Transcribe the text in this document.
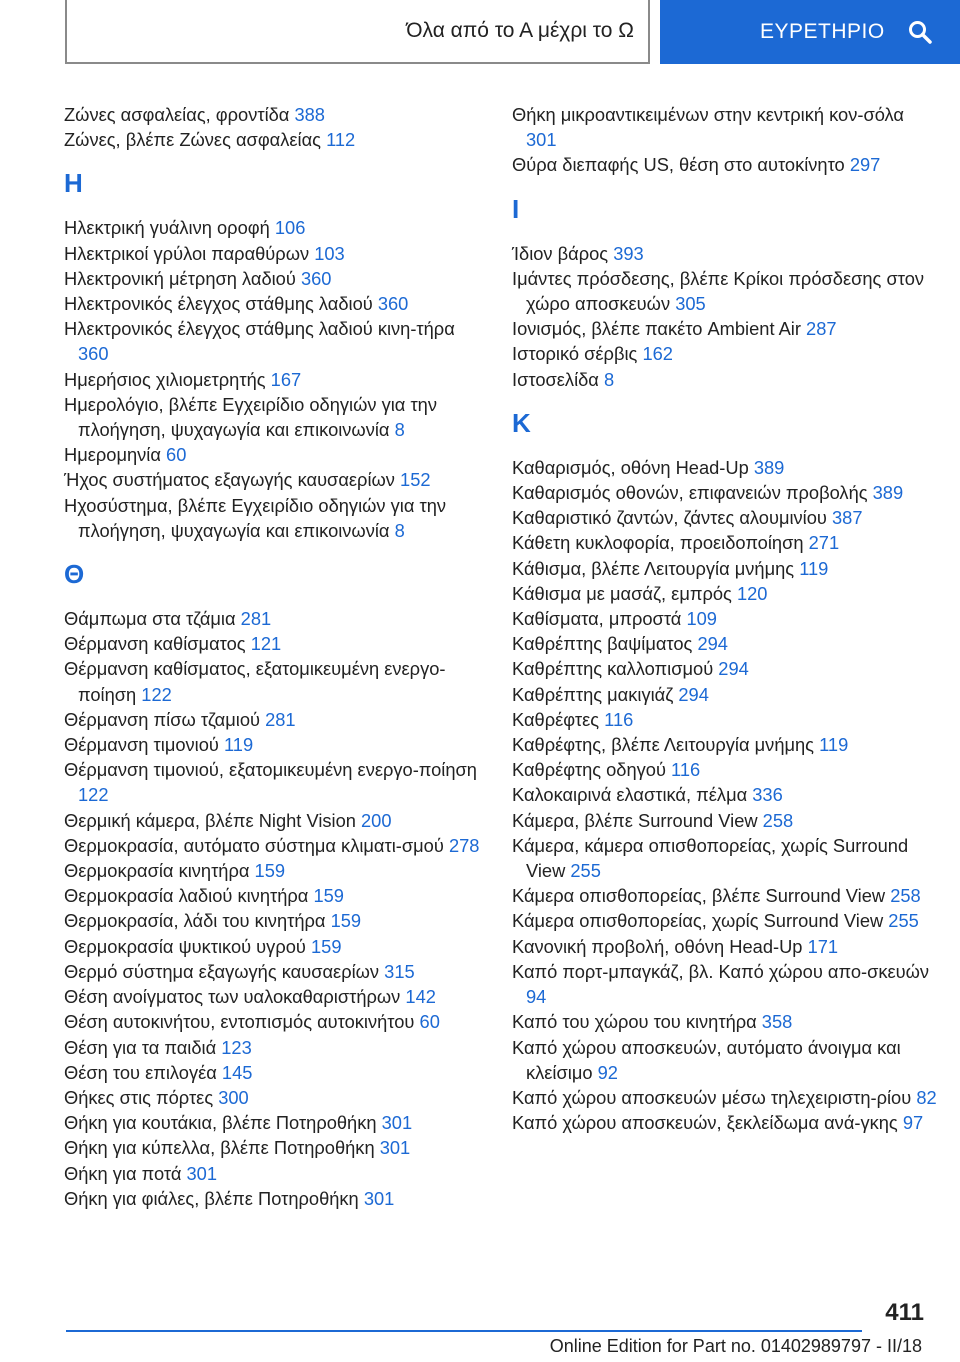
Όλα από το Α μέχρι το Ω	ΕΥΡΕΤΗΡΙΟ
Ζώνες ασφαλείας, φροντίδα 388
Ζώνες, βλέπε Ζώνες ασφαλείας 112
Η
Ηλεκτρική γυάλινη οροφή 106
Ηλεκτρικοί γρύλοι παραθύρων 103
Ηλεκτρονική μέτρηση λαδιού 360
Ηλεκτρονικός έλεγχος στάθμης λαδιού 360
Ηλεκτρονικός έλεγχος στάθμης λαδιού κινη-τήρα 360
Ημερήσιος χιλιομετρητής 167
Ημερολόγιο, βλέπε Εγχειρίδιο οδηγιών για την πλοήγηση, ψυχαγωγία και επικοινωνία 8
Ημερομηνία 60
Ήχος συστήματος εξαγωγής καυσαερίων 152
Ηχοσύστημα, βλέπε Εγχειρίδιο οδηγιών για την πλοήγηση, ψυχαγωγία και επικοινωνία 8
Θ
Θάμπωμα στα τζάμια 281
Θέρμανση καθίσματος 121
Θέρμανση καθίσματος, εξατομικευμένη ενεργο-ποίηση 122
Θέρμανση πίσω τζαμιού 281
Θέρμανση τιμονιού 119
Θέρμανση τιμονιού, εξατομικευμένη ενεργο-ποίηση 122
Θερμική κάμερα, βλέπε Night Vision 200
Θερμοκρασία, αυτόματο σύστημα κλιματι-σμού 278
Θερμοκρασία κινητήρα 159
Θερμοκρασία λαδιού κινητήρα 159
Θερμοκρασία, λάδι του κινητήρα 159
Θερμοκρασία ψυκτικού υγρού 159
Θερμό σύστημα εξαγωγής καυσαερίων 315
Θέση ανοίγματος των υαλοκαθαριστήρων 142
Θέση αυτοκινήτου, εντοπισμός αυτοκινήτου 60
Θέση για τα παιδιά 123
Θέση του επιλογέα 145
Θήκες στις πόρτες 300
Θήκη για κουτάκια, βλέπε Ποτηροθήκη 301
Θήκη για κύπελλα, βλέπε Ποτηροθήκη 301
Θήκη για ποτά 301
Θήκη για φιάλες, βλέπε Ποτηροθήκη 301
Θήκη μικροαντικειμένων στην κεντρική κον-σόλα 301
Θύρα διεπαφής US, θέση στο αυτοκίνητο 297
Ι
Ίδιον βάρος 393
Ιμάντες πρόσδεσης, βλέπε Κρίκοι πρόσδεσης στον χώρο αποσκευών 305
Ιονισμός, βλέπε πακέτο Ambient Air 287
Ιστορικό σέρβις 162
Ιστοσελίδα 8
Κ
Καθαρισμός, οθόνη Head-Up 389
Καθαρισμός οθονών, επιφανειών προβολής 389
Καθαριστικό ζαντών, ζάντες αλουμινίου 387
Κάθετη κυκλοφορία, προειδοποίηση 271
Κάθισμα, βλέπε Λειτουργία μνήμης 119
Κάθισμα με μασάζ, εμπρός 120
Καθίσματα, μπροστά 109
Καθρέπτης βαψίματος 294
Καθρέπτης καλλοπισμού 294
Καθρέπτης μακιγιάζ 294
Καθρέφτες 116
Καθρέφτης, βλέπε Λειτουργία μνήμης 119
Καθρέφτης οδηγού 116
Καλοκαιρινά ελαστικά, πέλμα 336
Κάμερα, βλέπε Surround View 258
Κάμερα, κάμερα οπισθοπορείας, χωρίς Surround View 255
Κάμερα οπισθοπορείας, βλέπε Surround View 258
Κάμερα οπισθοπορείας, χωρίς Surround View 255
Κανονική προβολή, οθόνη Head-Up 171
Καπό πορτ-μπαγκάζ, βλ. Καπό χώρου απο-σκευών 94
Καπό του χώρου του κινητήρα 358
Καπό χώρου αποσκευών, αυτόματο άνοιγμα και κλείσιμο 92
Καπό χώρου αποσκευών μέσω τηλεχειριστη-ρίου 82
Καπό χώρου αποσκευών, ξεκλείδωμα ανά-γκης 97
411
Online Edition for Part no. 01402989797 - II/18
